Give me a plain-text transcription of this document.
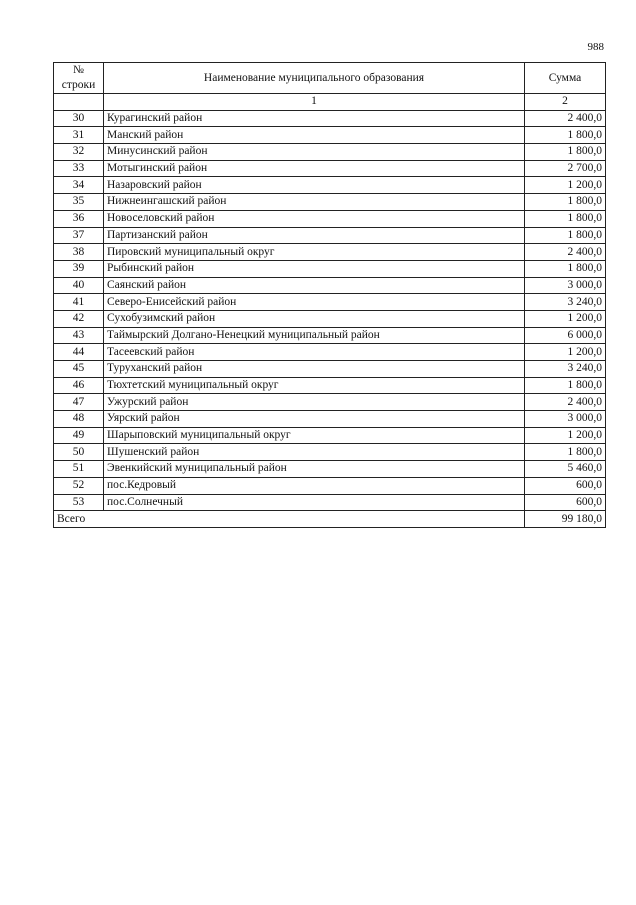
988
№
строки	Наименование муниципального образования	Сумма
	1	2
30	Курагинский район	2 400,0
31	Манский район	1 800,0
32	Минусинский район	1 800,0
33	Мотыгинский район	2 700,0
34	Назаровский район	1 200,0
35	Нижнеингашский район	1 800,0
36	Новоселовский район	1 800,0
37	Партизанский район	1 800,0
38	Пировский муниципальный округ	2 400,0
39	Рыбинский район	1 800,0
40	Саянский район	3 000,0
41	Северо-Енисейский район	3 240,0
42	Сухобузимский район	1 200,0
43	Таймырский Долгано-Ненецкий муниципальный район	6 000,0
44	Тасеевский район	1 200,0
45	Туруханский район	3 240,0
46	Тюхтетский муниципальный округ	1 800,0
47	Ужурский район	2 400,0
48	Уярский район	3 000,0
49	Шарыповский муниципальный округ	1 200,0
50	Шушенский район	1 800,0
51	Эвенкийский муниципальный район	5 460,0
52	пос.Кедровый	600,0
53	пос.Солнечный	600,0
Всего		99 180,0
